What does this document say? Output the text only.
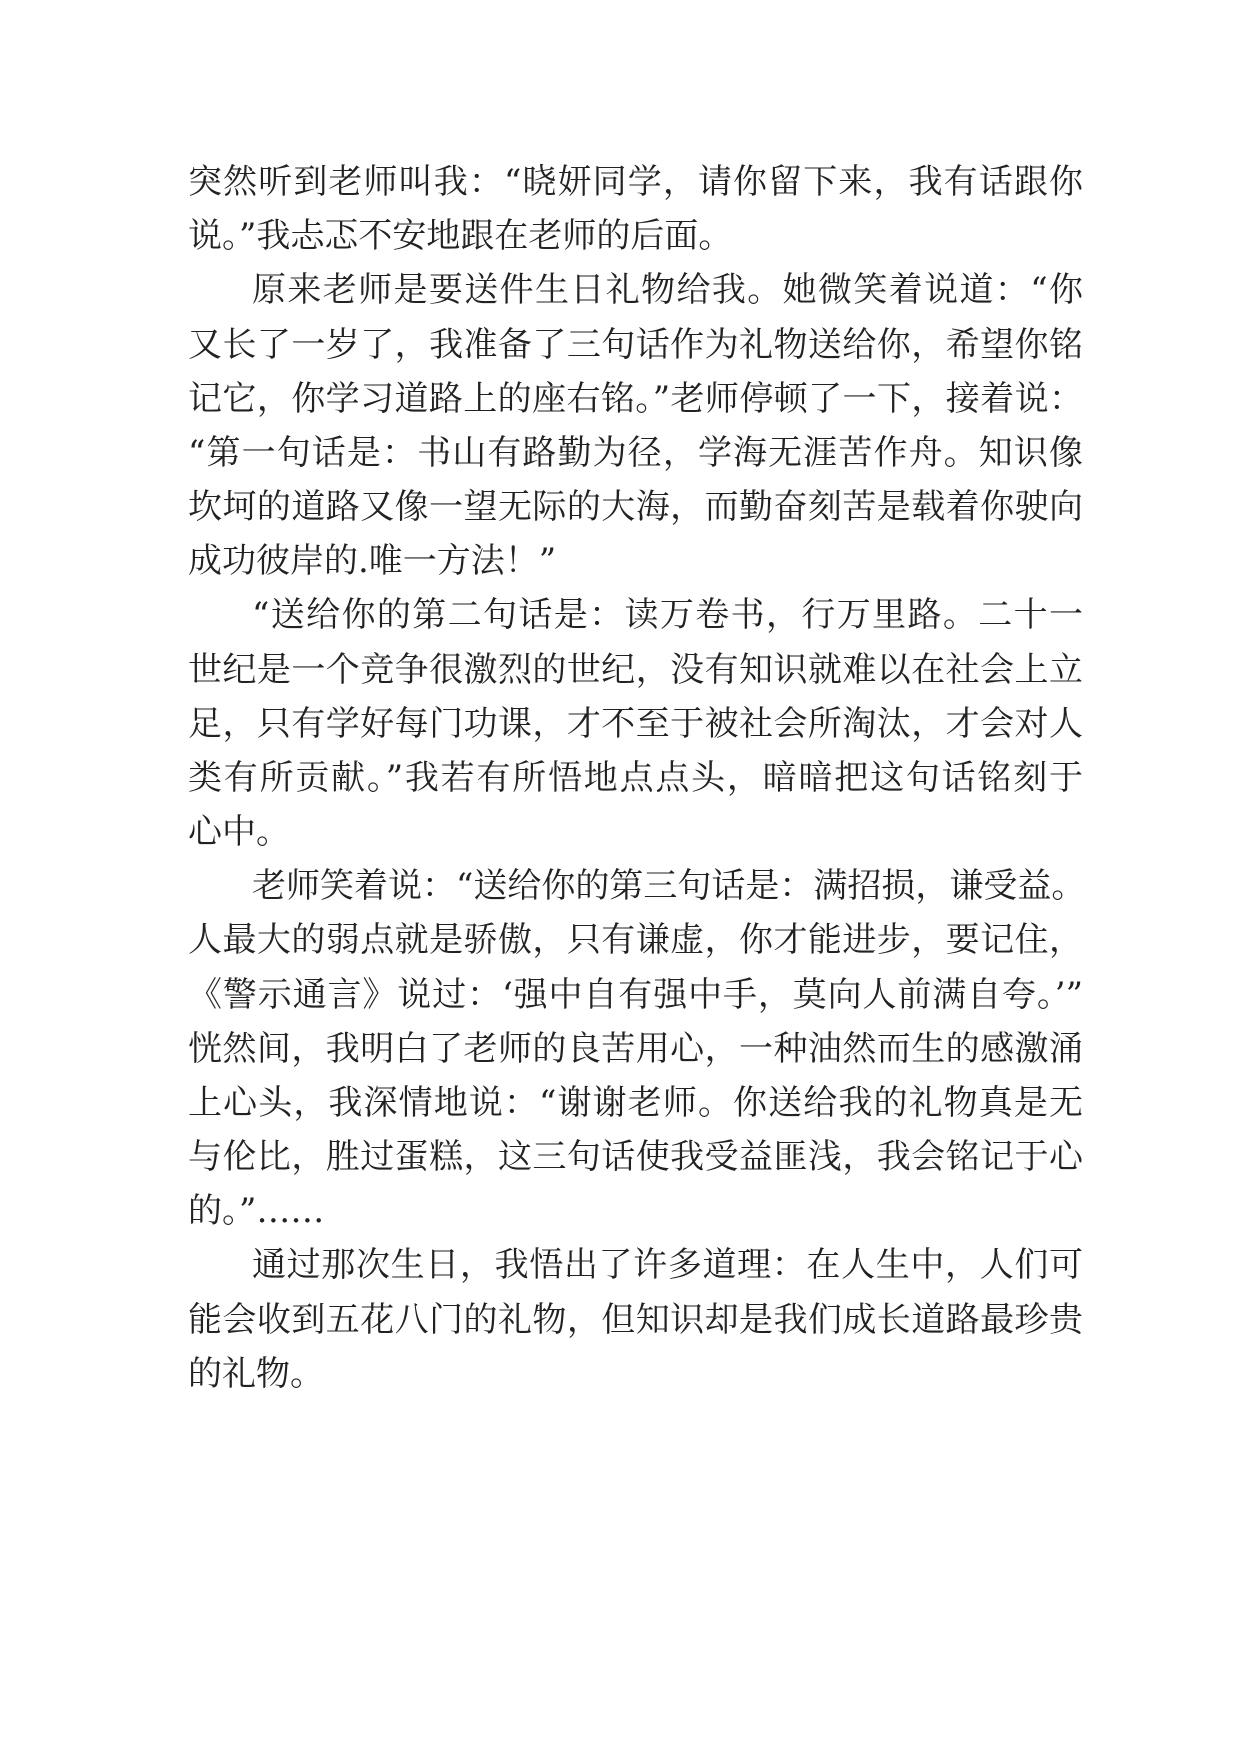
突然听到老师叫我：“晓妍同学，请你留下来，我有话跟你
说。”我忐忑不安地跟在老师的后面。
原来老师是要送件生日礼物给我。她微笑着说道：“你
又长了一岁了，我准备了三句话作为礼物送给你，希望你铭
记它，你学习道路上的座右铭。”老师停顿了一下，接着说：
“第一句话是：书山有路勤为径，学海无涯苦作舟。知识像
坎坷的道路又像一望无际的大海，而勤奋刻苦是载着你驶向
成功彼岸的.唯一方法！”
“送给你的第二句话是：读万卷书，行万里路。二十一
世纪是一个竞争很激烈的世纪，没有知识就难以在社会上立
足，只有学好每门功课，才不至于被社会所淘汰，才会对人
类有所贡献。”我若有所悟地点点头，暗暗把这句话铭刻于
心中。
老师笑着说：“送给你的第三句话是：满招损，谦受益。
人最大的弱点就是骄傲，只有谦虚，你才能进步，要记住，
《警示通言》说过：‘强中自有强中手，莫向人前满自夸。’”
恍然间，我明白了老师的良苦用心，一种油然而生的感激涌
上心头，我深情地说：“谢谢老师。你送给我的礼物真是无
与伦比，胜过蛋糕，这三句话使我受益匪浅，我会铭记于心
的。”……
通过那次生日，我悟出了许多道理：在人生中，人们可
能会收到五花八门的礼物，但知识却是我们成长道路最珍贵
的礼物。
